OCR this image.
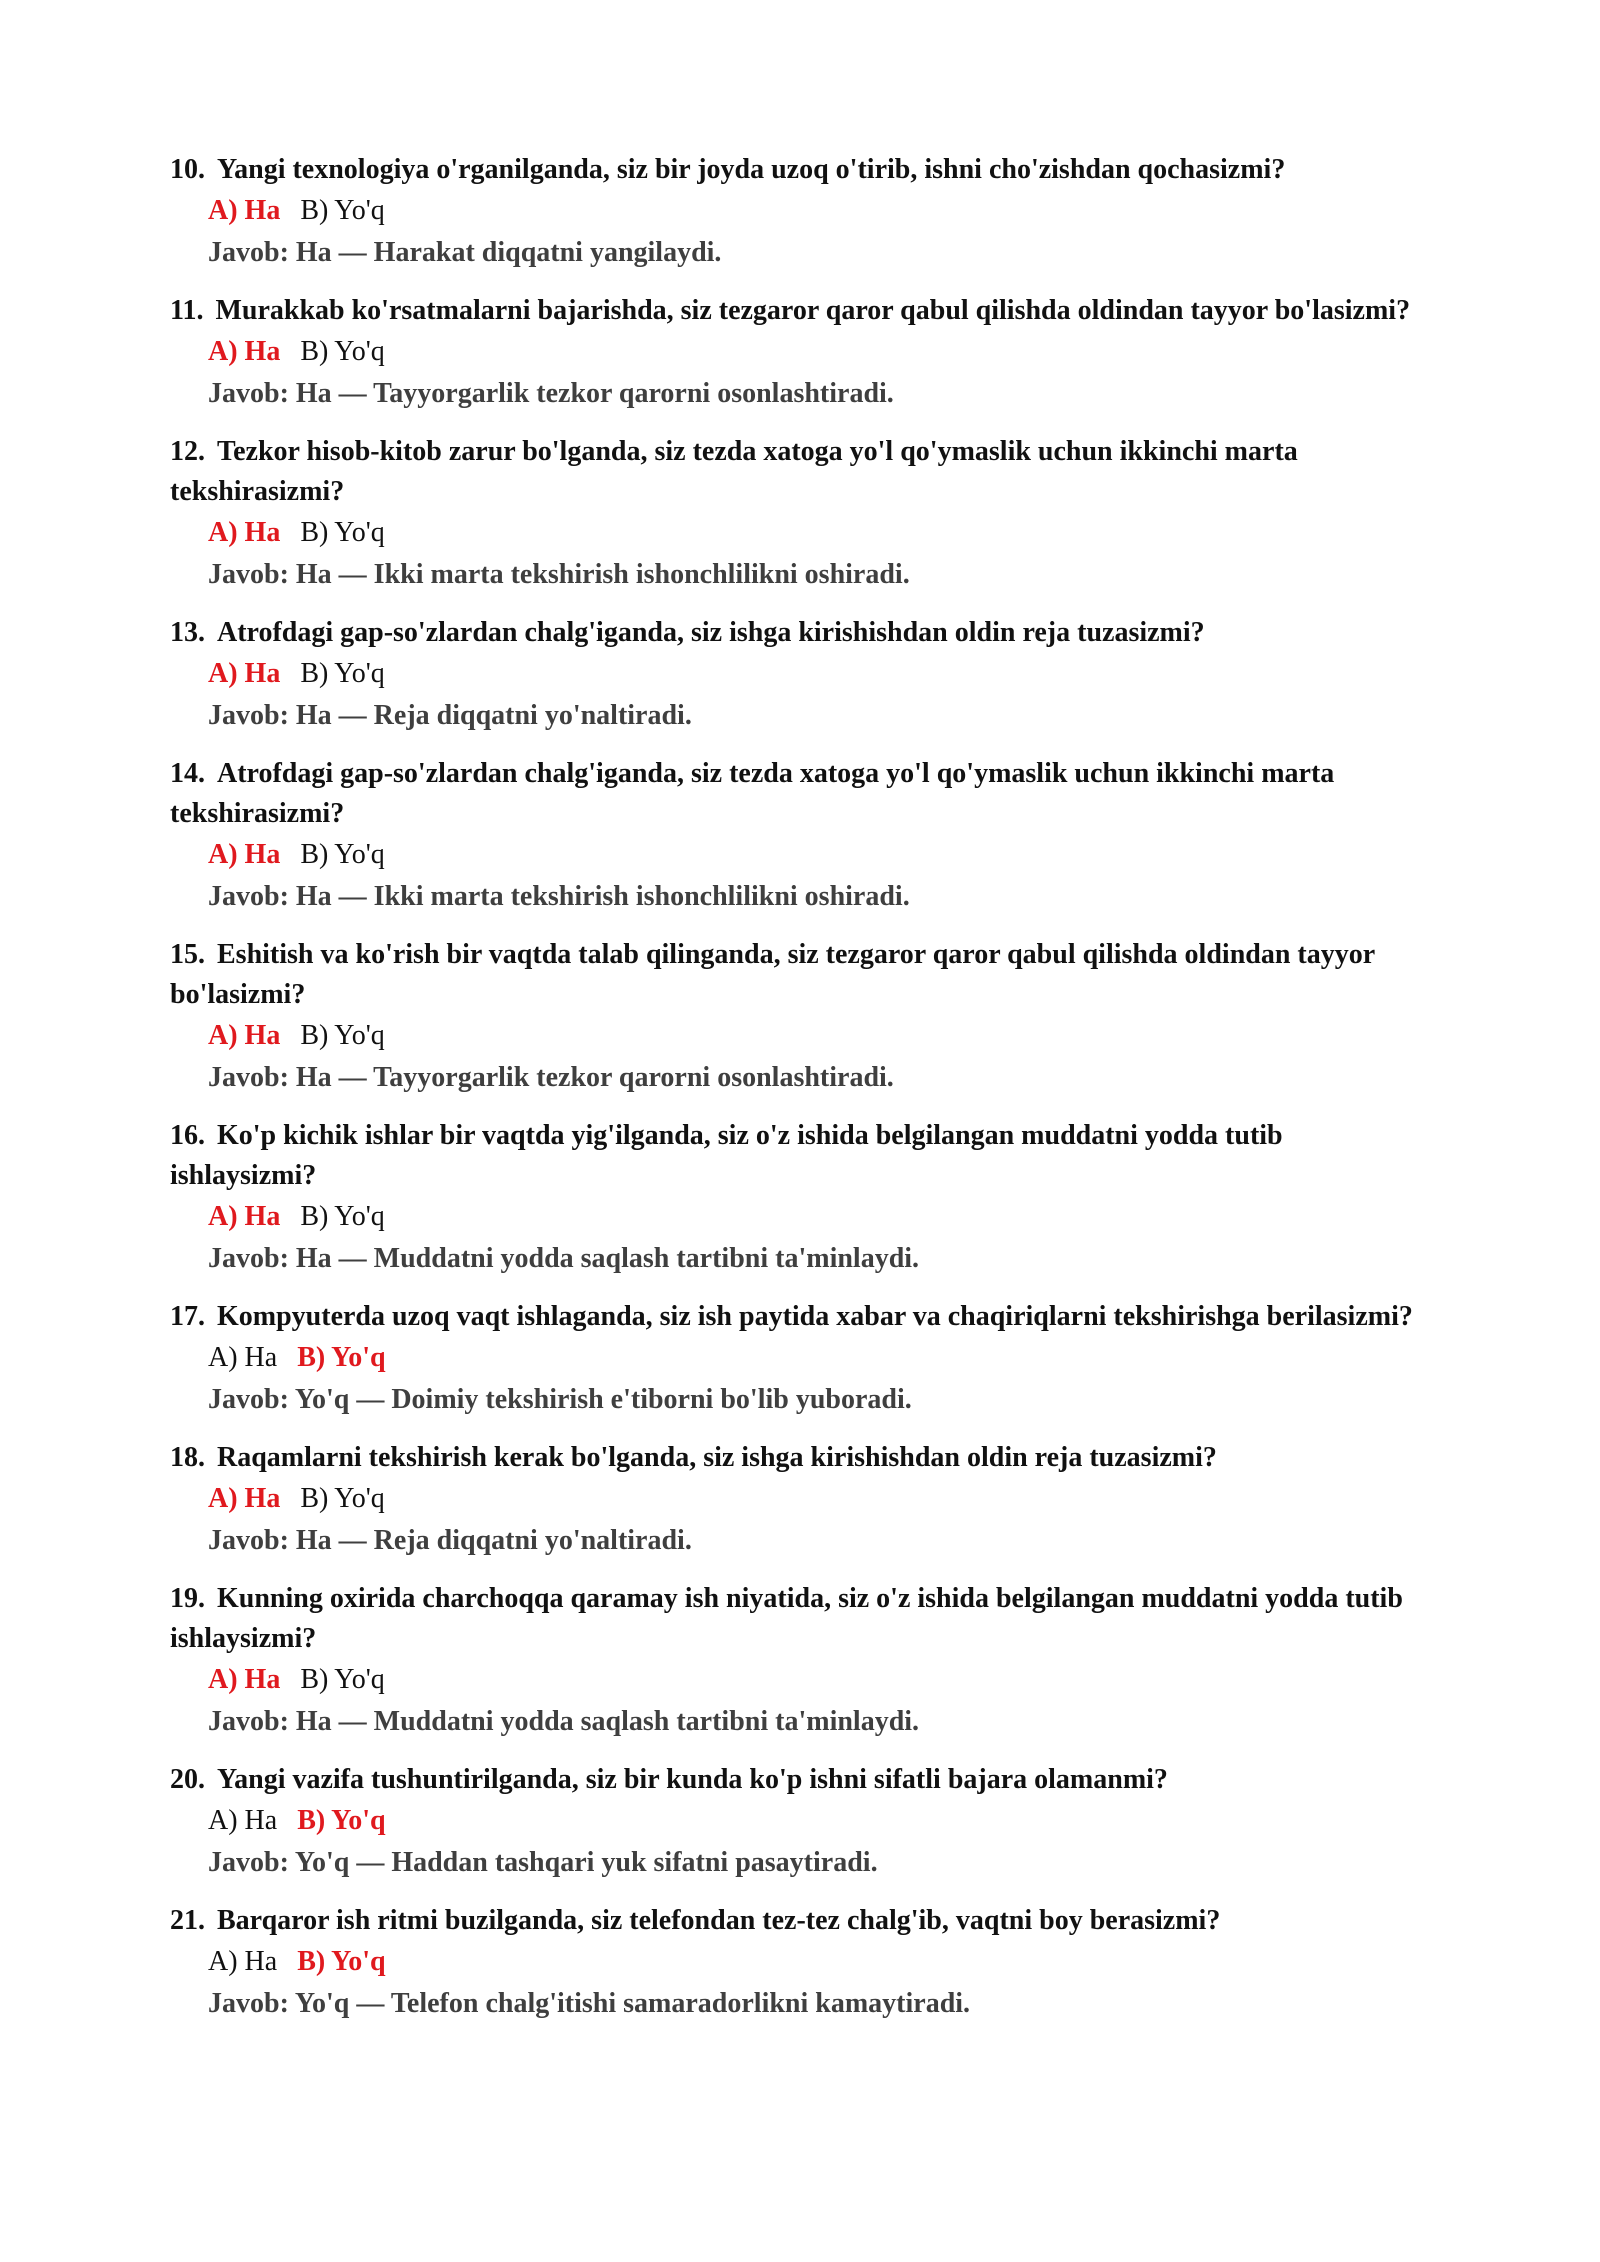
10. Yangi texnologiya o'rganilganda, siz bir joyda uzoq o'tirib, ishni cho'zishdan qochasizmi?
A) Ha B) Yo'q
Javob: Ha — Harakat diqqatni yangilaydi.
11. Murakkab ko'rsatmalarni bajarishda, siz tezgaror qaror qabul qilishda oldindan tayyor bo'lasizmi?
A) Ha B) Yo'q
Javob: Ha — Tayyorgarlik tezkor qarorni osonlashtiradi.
12. Tezkor hisob-kitob zarur bo'lganda, siz tezda xatoga yo'l qo'ymaslik uchun ikkinchi marta tekshirasizmi?
A) Ha B) Yo'q
Javob: Ha — Ikki marta tekshirish ishonchlilikni oshiradi.
13. Atrofdagi gap-so'zlardan chalg'iganda, siz ishga kirishishdan oldin reja tuzasizmi?
A) Ha B) Yo'q
Javob: Ha — Reja diqqatni yo'naltiradi.
14. Atrofdagi gap-so'zlardan chalg'iganda, siz tezda xatoga yo'l qo'ymaslik uchun ikkinchi marta tekshirasizmi?
A) Ha B) Yo'q
Javob: Ha — Ikki marta tekshirish ishonchlilikni oshiradi.
15. Eshitish va ko'rish bir vaqtda talab qilinganda, siz tezgaror qaror qabul qilishda oldindan tayyor bo'lasizmi?
A) Ha B) Yo'q
Javob: Ha — Tayyorgarlik tezkor qarorni osonlashtiradi.
16. Ko'p kichik ishlar bir vaqtda yig'ilganda, siz o'z ishida belgilangan muddatni yodda tutib ishlaysizmi?
A) Ha B) Yo'q
Javob: Ha — Muddatni yodda saqlash tartibni ta'minlaydi.
17. Kompyuterda uzoq vaqt ishlaganda, siz ish paytida xabar va chaqiriqlarni tekshirishga berilasizmi?
A) Ha B) Yo'q
Javob: Yo'q — Doimiy tekshirish e'tiborni bo'lib yuboradi.
18. Raqamlarni tekshirish kerak bo'lganda, siz ishga kirishishdan oldin reja tuzasizmi?
A) Ha B) Yo'q
Javob: Ha — Reja diqqatni yo'naltiradi.
19. Kunning oxirida charchoqqa qaramay ish niyatida, siz o'z ishida belgilangan muddatni yodda tutib ishlaysizmi?
A) Ha B) Yo'q
Javob: Ha — Muddatni yodda saqlash tartibni ta'minlaydi.
20. Yangi vazifa tushuntirilganda, siz bir kunda ko'p ishni sifatli bajara olamanmi?
A) Ha B) Yo'q
Javob: Yo'q — Haddan tashqari yuk sifatni pasaytiradi.
21. Barqaror ish ritmi buzilganda, siz telefondan tez-tez chalg'ib, vaqtni boy berasizmi?
A) Ha B) Yo'q
Javob: Yo'q — Telefon chalg'itishi samaradorlikni kamaytiradi.
